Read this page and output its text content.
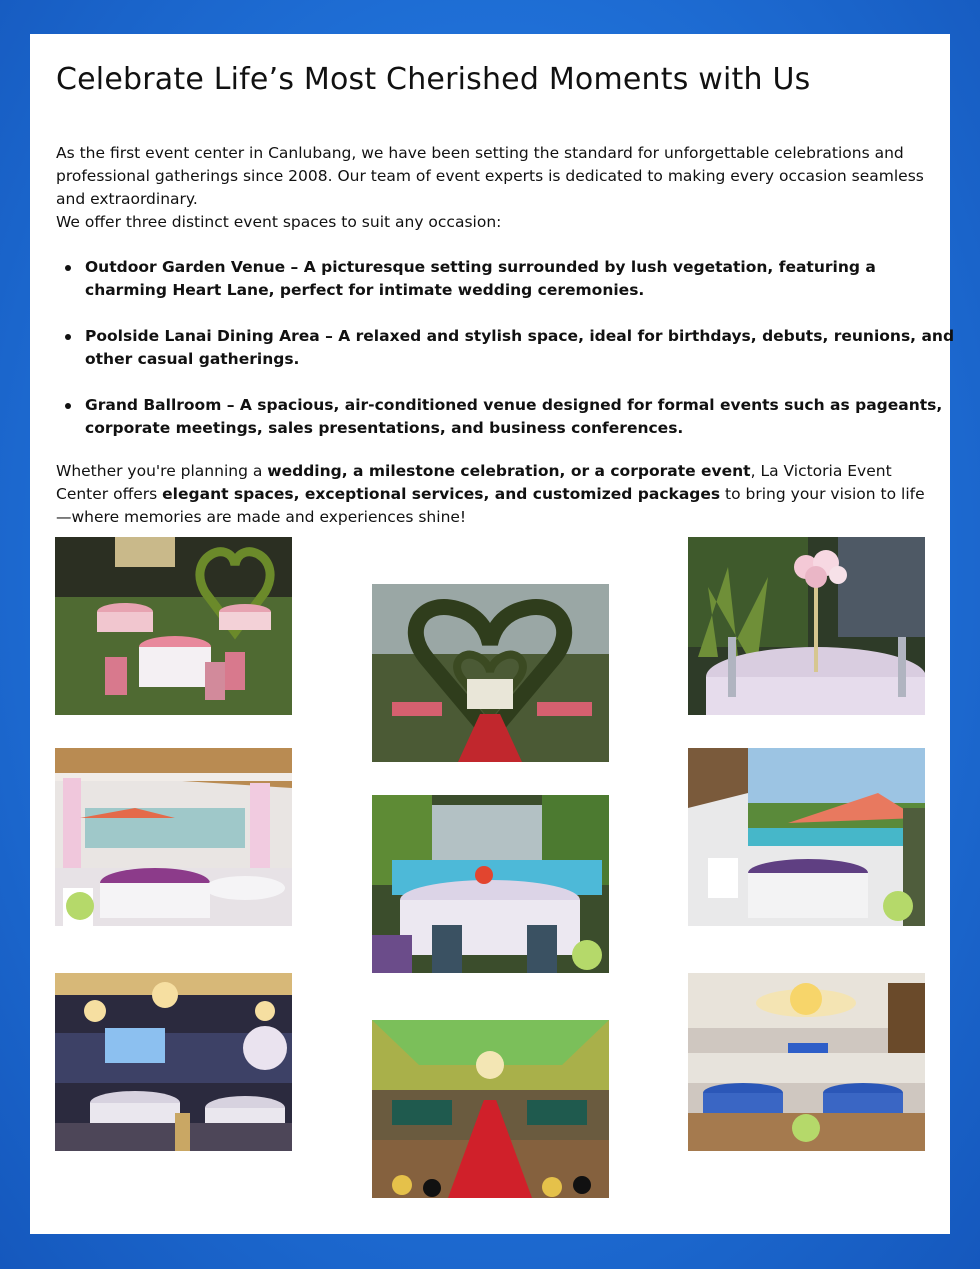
Celebrate Life’s Most Cherished Moments with Us

As the first event center in Canlubang, we have been setting the standard for unforgettable celebrations and professional gatherings since 2008. Our team of event experts is dedicated to making every occasion seamless and extraordinary.

We offer three distinct event spaces to suit any occasion:

Outdoor Garden Venue – A picturesque setting surrounded by lush vegetation, featuring a charming Heart Lane, perfect for intimate wedding ceremonies.
Poolside Lanai Dining Area – A relaxed and stylish space, ideal for birthdays, debuts, reunions, and other casual gatherings.
Grand Ballroom – A spacious, air-conditioned venue designed for formal events such as pageants, corporate meetings, sales presentations, and business conferences.

Whether you're planning a wedding, a milestone celebration, or a corporate event, La Victoria Event Center offers elegant spaces, exceptional services, and customized packages to bring your vision to life—where memories are made and experiences shine!
